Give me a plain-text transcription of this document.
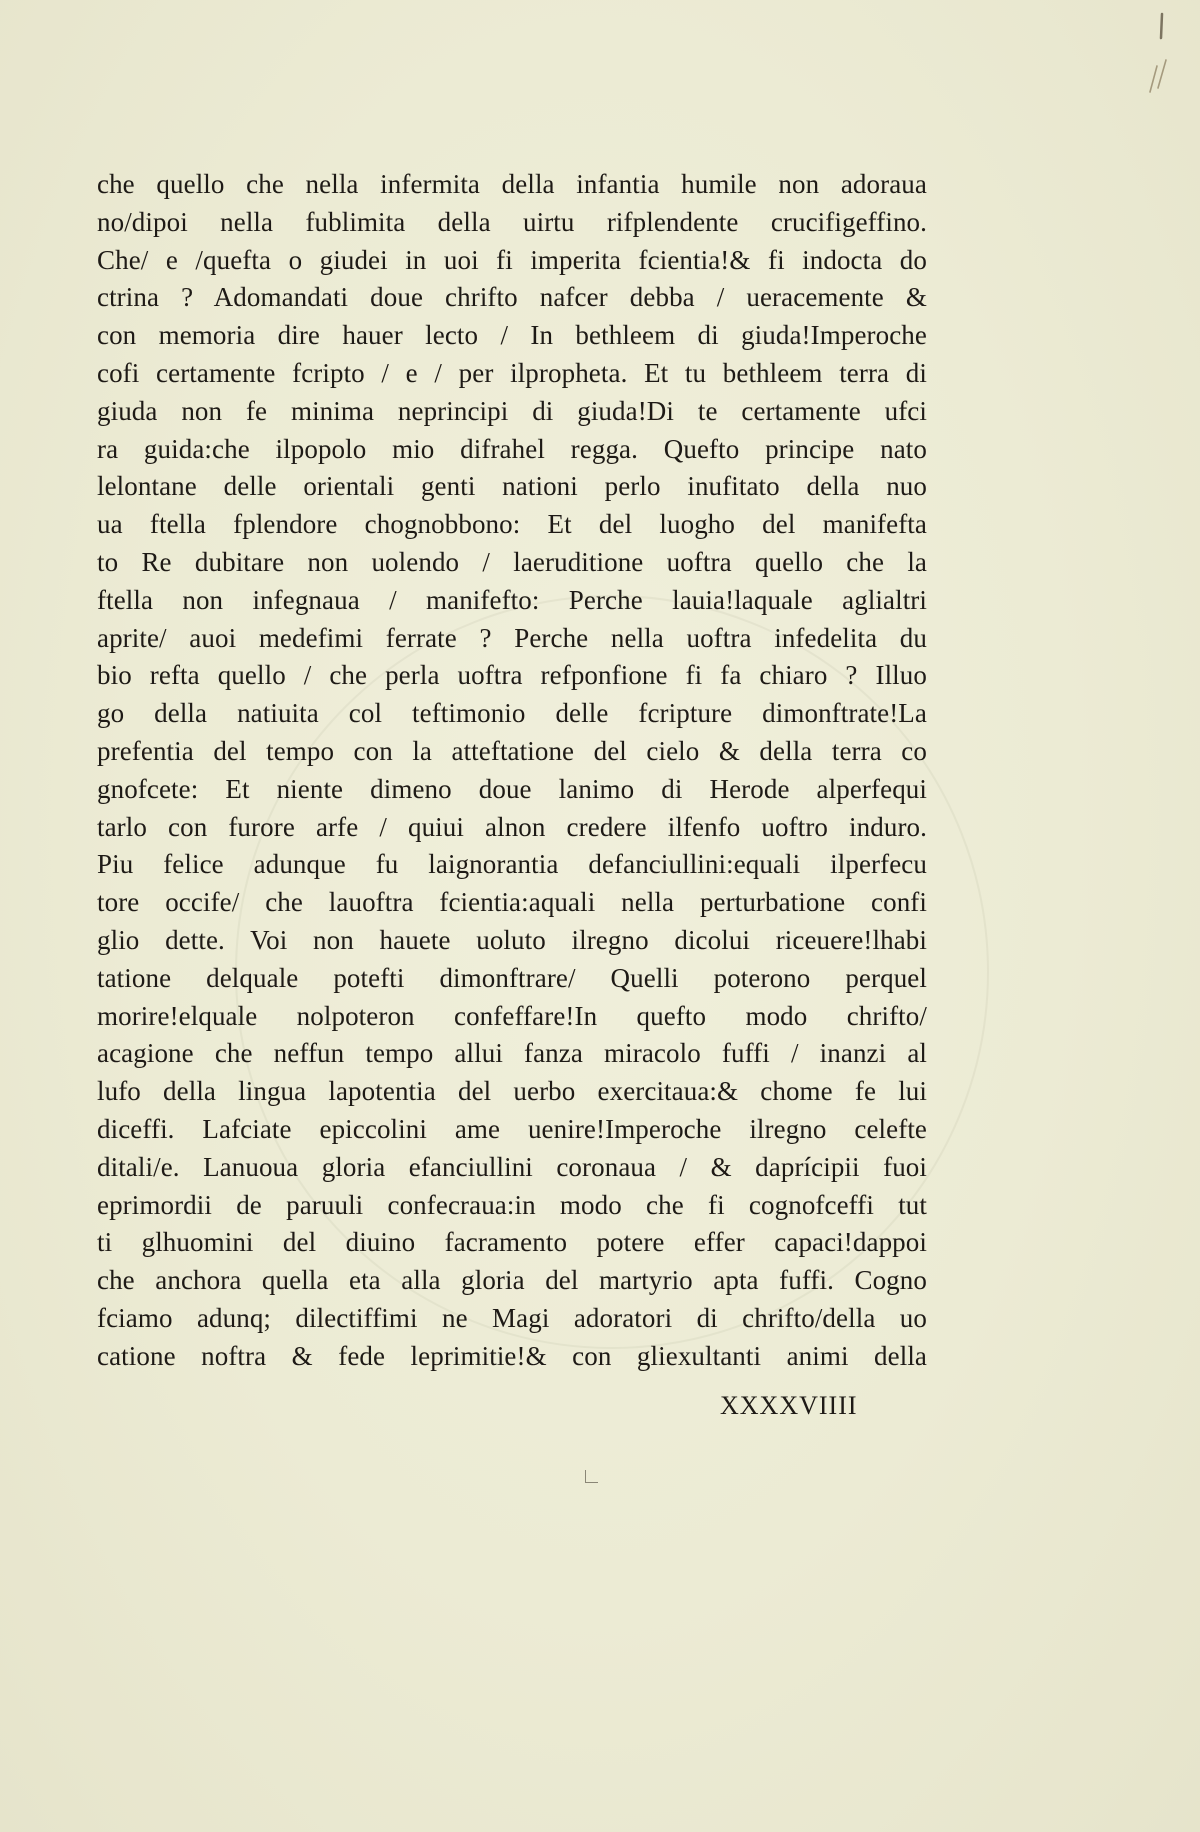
che quello che nella infermita della infantia humile non adoraua
no/dipoi nella fublimita della uirtu rifplendente crucifigeffino.
Che/ e /quefta o giudei in uoi fi imperita fcientia!& fi indocta do
ctrina ? Adomandati doue chrifto nafcer debba / ueracemente &
con memoria dire hauer lecto / In bethleem di giuda!Imperoche
cofi certamente fcripto / e / per ilpropheta. Et tu bethleem terra di
giuda non fe minima neprincipi di giuda!Di te certamente ufci
ra guida:che ilpopolo mio difrahel regga. Quefto principe nato
lelontane delle orientali genti nationi perlo inufitato della nuo
ua ftella fplendore chognobbono: Et del luogho del manifefta
to Re dubitare non uolendo / laeruditione uoftra quello che la
ftella non infegnaua / manifefto: Perche lauia!laquale aglialtri
aprite/ auoi medefimi ferrate ? Perche nella uoftra infedelita du
bio refta quello / che perla uoftra refponfione fi fa chiaro ? Illuo
go della natiuita col teftimonio delle fcripture dimonftrate!La
prefentia del tempo con la atteftatione del cielo & della terra co
gnofcete: Et niente dimeno doue lanimo di Herode alperfequi
tarlo con furore arfe / quiui alnon credere ilfenfo uoftro induro.
Piu felice adunque fu laignorantia defanciullini:equali ilperfecu
tore occife/ che lauoftra fcientia:aquali nella perturbatione confi
glio dette. Voi non hauete uoluto ilregno dicolui riceuere!lhabi
tatione delquale potefti dimonftrare/ Quelli poterono perquel
morire!elquale nolpoteron confeffare!In quefto modo chrifto/
acagione che neffun tempo allui fanza miracolo fuffi / inanzi al
lufo della lingua lapotentia del uerbo exercitaua:& chome fe lui
diceffi. Lafciate epiccolini ame uenire!Imperoche ilregno celefte
ditali/e. Lanuoua gloria efanciullini coronaua / & daprícipii fuoi
eprimordii de paruuli confecraua:in modo che fi cognofceffi tut
ti glhuomini del diuino facramento potere effer capaci!dappoi
che anchora quella eta alla gloria del martyrio apta fuffi. Cogno
fciamo adunq; dilectiffimi ne Magi adoratori di chrifto/della uo
catione noftra & fede leprimitie!& con gliexultanti animi della
XXXXVIIII
